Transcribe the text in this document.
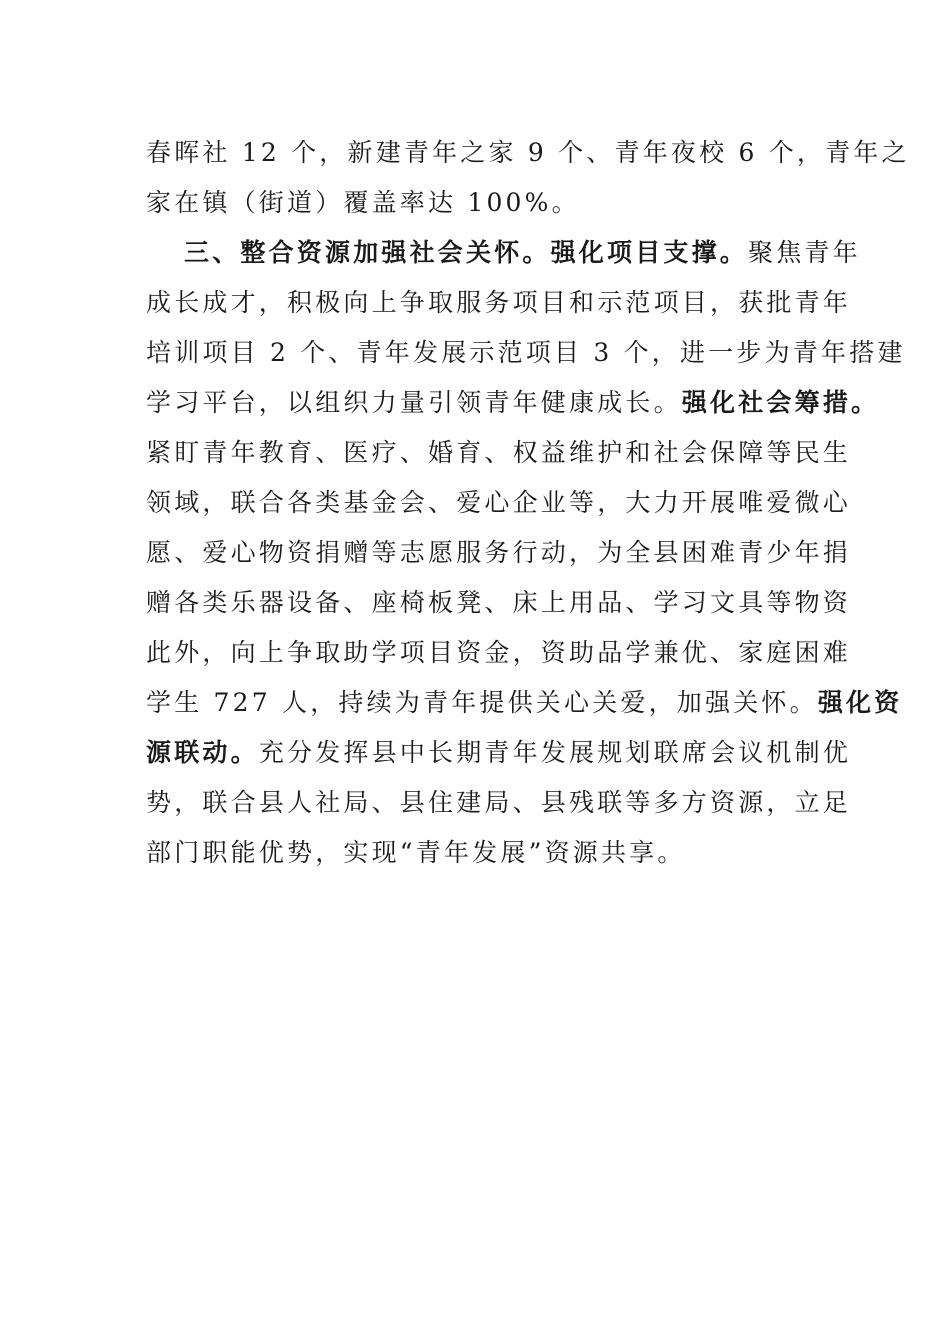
春晖社 12 个，新建青年之家 9 个、青年夜校 6 个，青年之
家在镇（街道）覆盖率达 100%。
三、整合资源加强社会关怀。强化项目支撑。聚焦青年
成长成才，积极向上争取服务项目和示范项目，获批青年
培训项目 2 个、青年发展示范项目 3 个，进一步为青年搭建
学习平台，以组织力量引领青年健康成长。强化社会筹措。
紧盯青年教育、医疗、婚育、权益维护和社会保障等民生
领域，联合各类基金会、爱心企业等，大力开展唯爱微心
愿、爱心物资捐赠等志愿服务行动，为全县困难青少年捐
赠各类乐器设备、座椅板凳、床上用品、学习文具等物资
此外，向上争取助学项目资金，资助品学兼优、家庭困难
学生 727 人，持续为青年提供关心关爱，加强关怀。强化资
源联动。充分发挥县中长期青年发展规划联席会议机制优
势，联合县人社局、县住建局、县残联等多方资源，立足
部门职能优势，实现“青年发展”资源共享。
